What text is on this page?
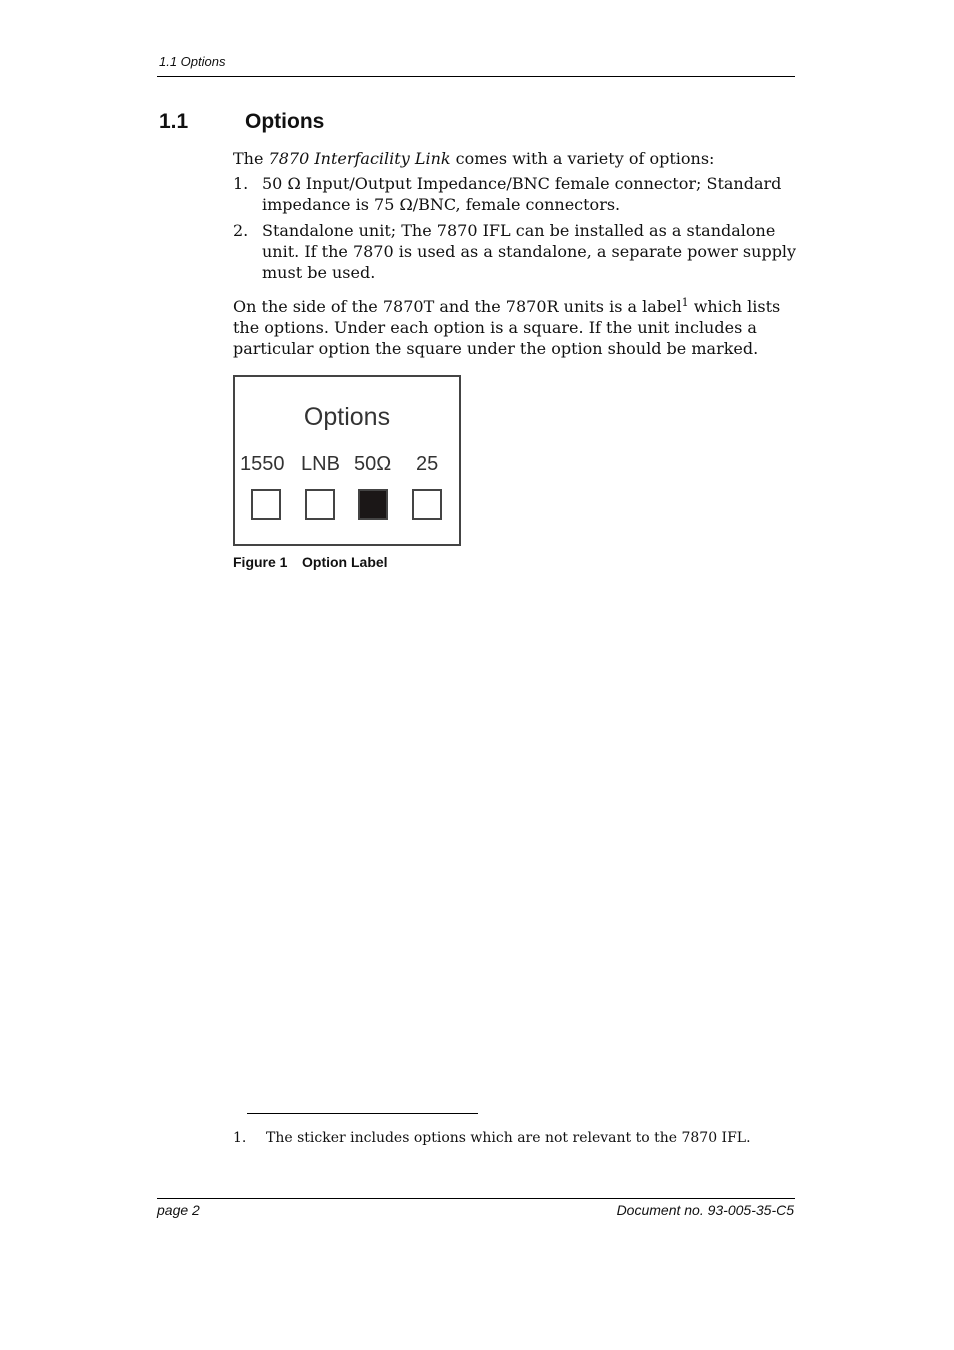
1.1 Options
1.1	Options
The 7870 Interfacility Link comes with a variety of options:
1. 50 Ω Input/Output Impedance/BNC female connector; Standard impedance is 75 Ω/BNC, female connectors.
2. Standalone unit; The 7870 IFL can be installed as a standalone unit. If the 7870 is used as a standalone, a separate power supply must be used.
On the side of the 7870T and the 7870R units is a label$^1$ which lists the options. Under each option is a square. If the unit includes a particular option the square under the option should be marked.
Options
1550 LNB 50Ω 25
Figure 1 Option Label
1. The sticker includes options which are not relevant to the 7870 IFL.
page 2	Document no. 93-005-35-C5
